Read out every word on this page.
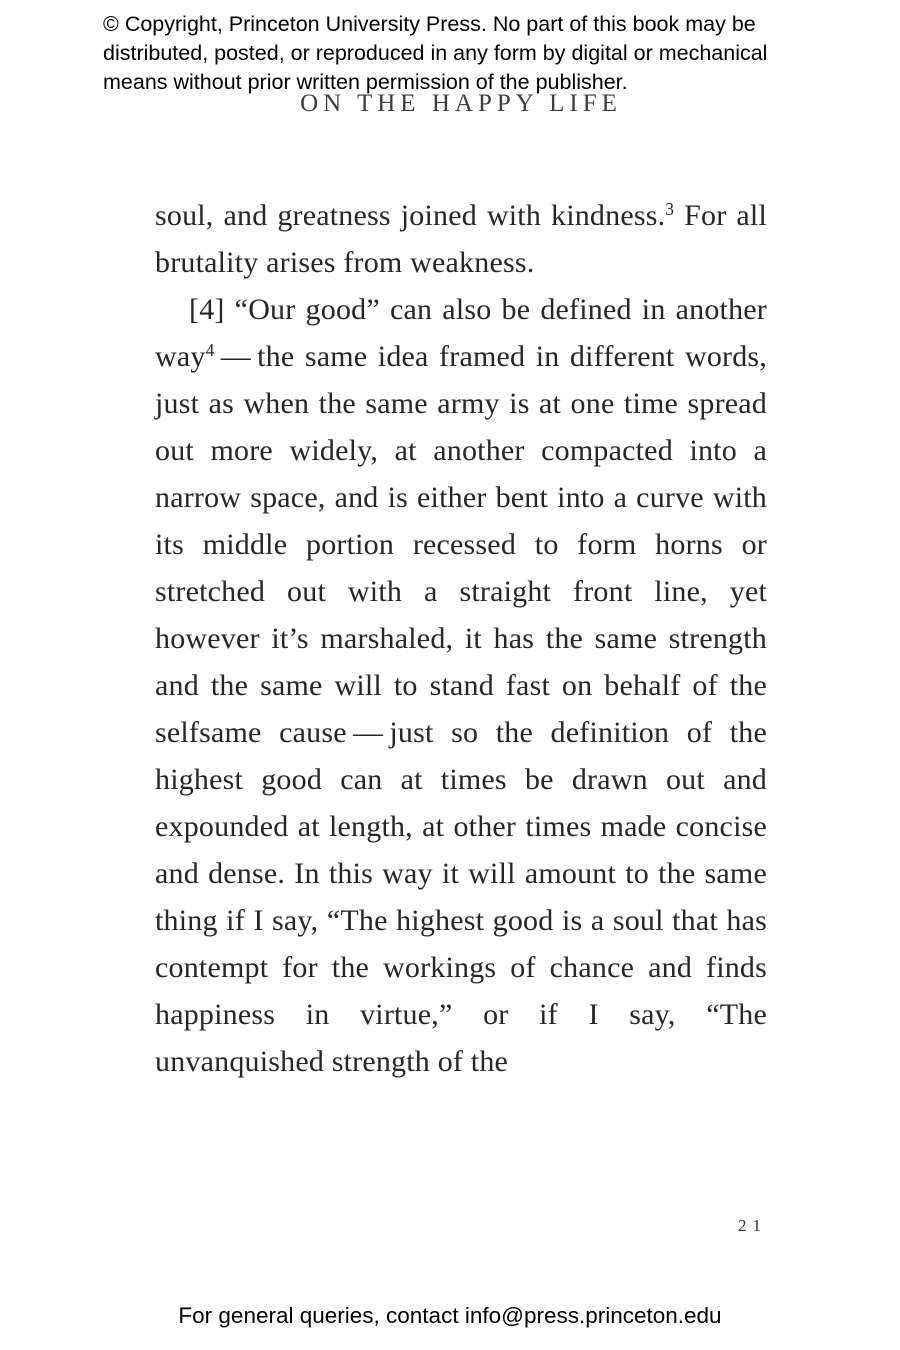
© Copyright, Princeton University Press. No part of this book may be
distributed, posted, or reproduced in any form by digital or mechanical
means without prior written permission of the publisher.
ON THE HAPPY LIFE

soul, and greatness joined with kindness.$^3$ For all brutality arises from weakness.

[4] “Our good” can also be defined in another way$^4$ — the same idea framed in different words, just as when the same army is at one time spread out more widely, at another compacted into a narrow space, and is either bent into a curve with its middle portion recessed to form horns or stretched out with a straight front line, yet however it’s marshaled, it has the same strength and the same will to stand fast on behalf of the selfsame cause — just so the definition of the highest good can at times be drawn out and expounded at length, at other times made concise and dense. In this way it will amount to the same thing if I say, “The highest good is a soul that has contempt for the workings of chance and finds happiness in virtue,” or if I say, “The unvanquished strength of the

21
For general queries, contact info@press.princeton.edu
